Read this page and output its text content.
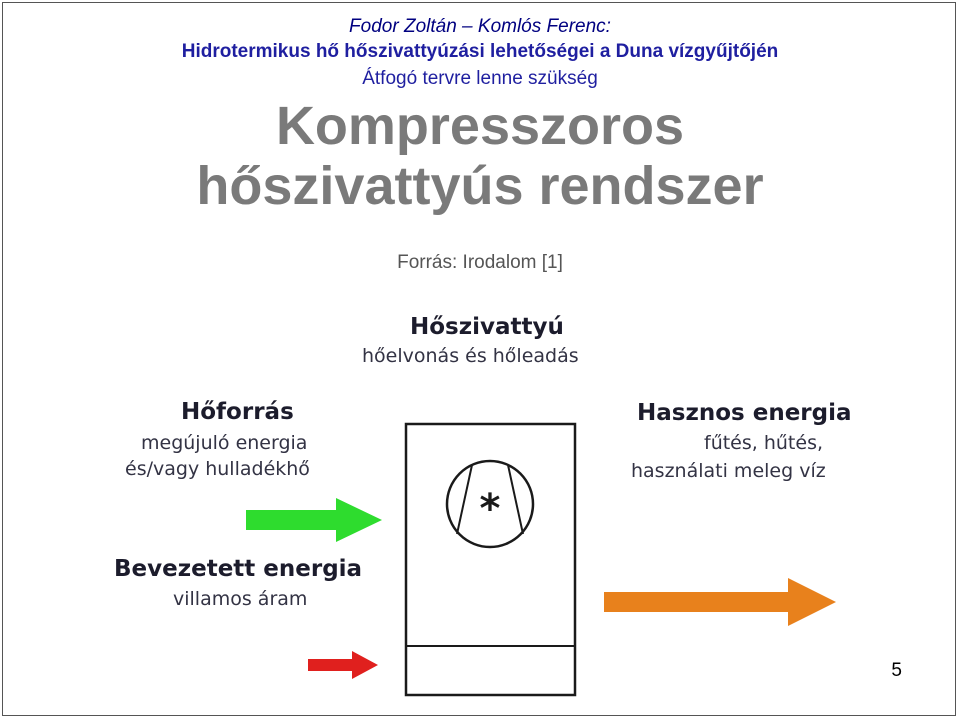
Fodor Zoltán – Komlós Ferenc:
Hidrotermikus hő hőszivattyúzási lehetőségei a Duna vízgyűjtőjén
Átfogó tervre lenne szükség
Kompresszoros
hőszivattyús rendszer
Forrás: Irodalom [1]
Hőszivattyú
hőelvonás és hőleadás
Hőforrás
megújuló energia
és/vagy hulladékhő
Hasznos energia
fűtés, hűtés,
használati meleg víz
Bevezetett energia
villamos áram
*
5
